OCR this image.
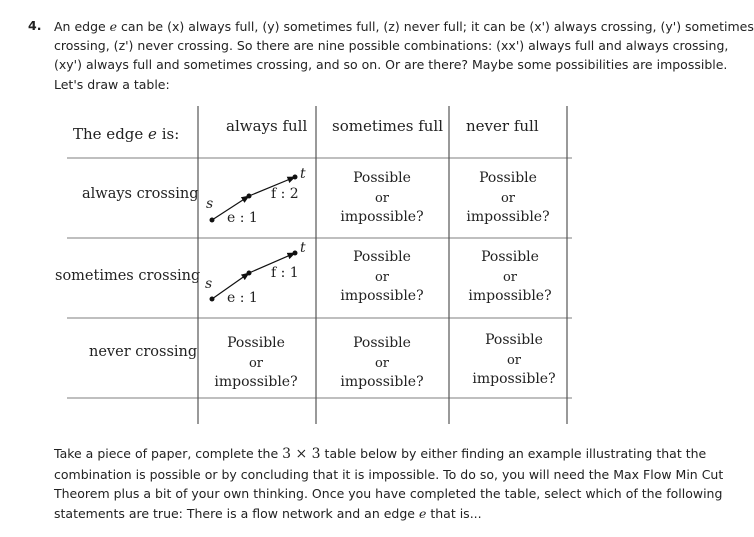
4. An edge e can be (x) always full, (y) sometimes full, (z) never full; it can be (x') always crossing, (y') sometimes
crossing, (z') never crossing. So there are nine possible combinations: (xx') always full and always crossing,
(xy') always full and sometimes crossing, and so on. Or are there? Maybe some possibilities are impossible.
Let's draw a table:
The edge e is:	always full sometimes full never full
always crossing
sometimes crossing
never crossing
s
t
e : 1
f : 2
s
t
e : 1
f : 1
Possible
or
impossible?
Possible
or
impossible?
Possible
or
impossible?
Possible
or
impossible?
Possible
or
impossible?
Possible
or
impossible?
Possible
or
impossible?
Take a piece of paper, complete the 3 × 3 table below by either finding an example illustrating that the
combination is possible or by concluding that it is impossible. To do so, you will need the Max Flow Min Cut
Theorem plus a bit of your own thinking. Once you have completed the table, select which of the following
statements are true: There is a flow network and an edge e that is...
